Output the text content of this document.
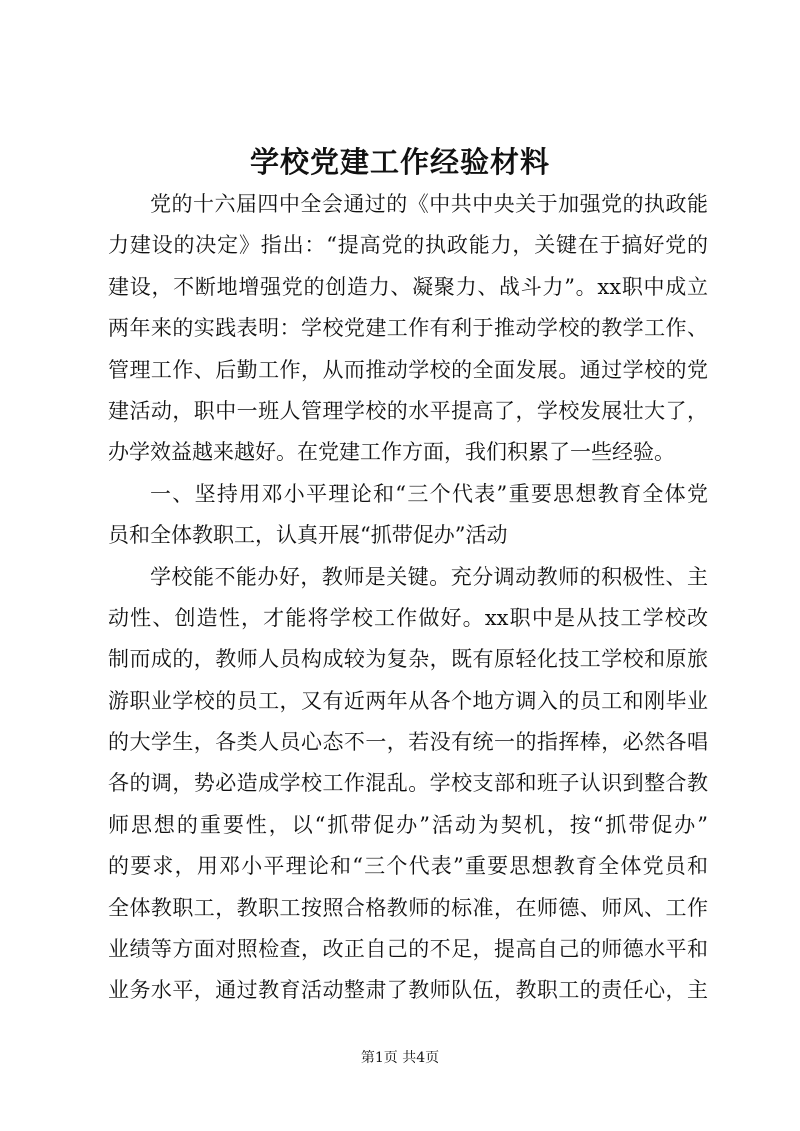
学校党建工作经验材料
党的十六届四中全会通过的《中共中央关于加强党的执政能
力建设的决定》指出：“提高党的执政能力，关键在于搞好党的
建设，不断地增强党的创造力、凝聚力、战斗力”。xx职中成立
两年来的实践表明：学校党建工作有利于推动学校的教学工作、
管理工作、后勤工作，从而推动学校的全面发展。通过学校的党
建活动，职中一班人管理学校的水平提高了，学校发展壮大了，
办学效益越来越好。在党建工作方面，我们积累了一些经验。
一、坚持用邓小平理论和“三个代表”重要思想教育全体党
员和全体教职工，认真开展“抓带促办”活动
学校能不能办好，教师是关键。充分调动教师的积极性、主
动性、创造性，才能将学校工作做好。xx职中是从技工学校改
制而成的，教师人员构成较为复杂，既有原轻化技工学校和原旅
游职业学校的员工，又有近两年从各个地方调入的员工和刚毕业
的大学生，各类人员心态不一，若没有统一的指挥棒，必然各唱
各的调，势必造成学校工作混乱。学校支部和班子认识到整合教
师思想的重要性，以“抓带促办”活动为契机，按“抓带促办”
的要求，用邓小平理论和“三个代表”重要思想教育全体党员和
全体教职工，教职工按照合格教师的标准，在师德、师风、工作
业绩等方面对照检查，改正自己的不足，提高自己的师德水平和
业务水平，通过教育活动整肃了教师队伍，教职工的责任心，主
第1页 共4页
